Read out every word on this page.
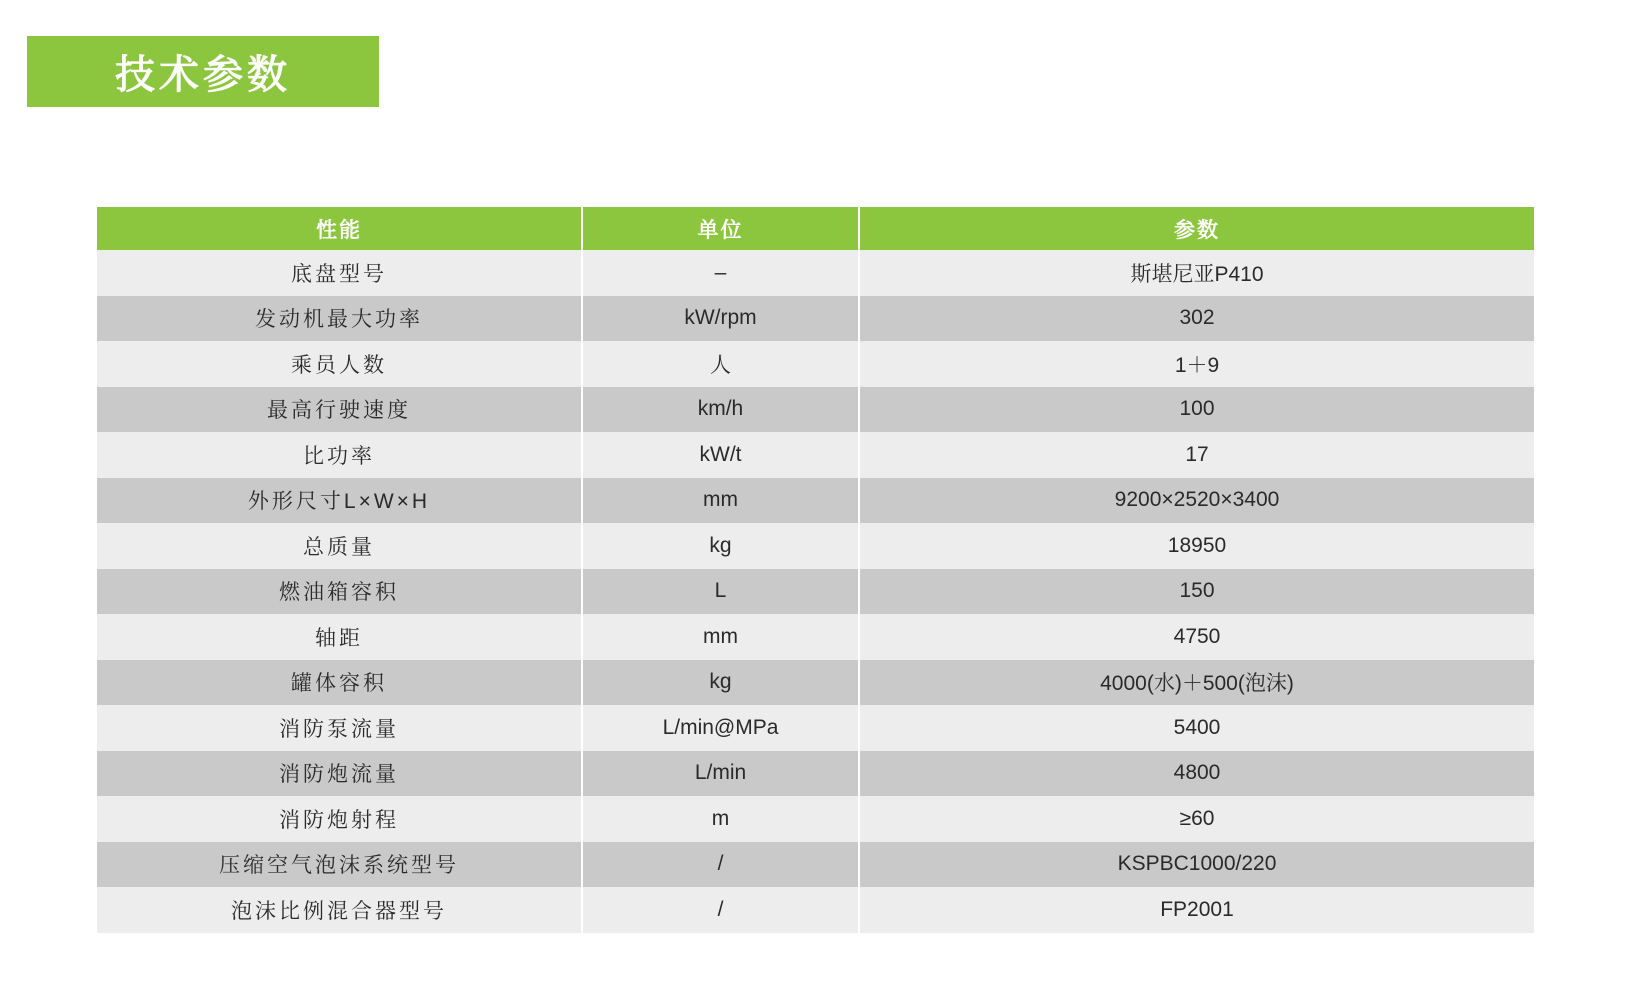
技术参数
性能	单位	参数
底盘型号	–	斯堪尼亚P410
发动机最大功率	kW/rpm	302
乘员人数	人	1＋9
最高行驶速度	km/h	100
比功率	kW/t	17
外形尺寸L×W×H	mm	9200×2520×3400
总质量	kg	18950
燃油箱容积	L	150
轴距	mm	4750
罐体容积	kg	4000(水)＋500(泡沫)
消防泵流量	L/min@MPa	5400
消防炮流量	L/min	4800
消防炮射程	m	≥60
压缩空气泡沫系统型号	/	KSPBC1000/220
泡沫比例混合器型号	/	FP2001
